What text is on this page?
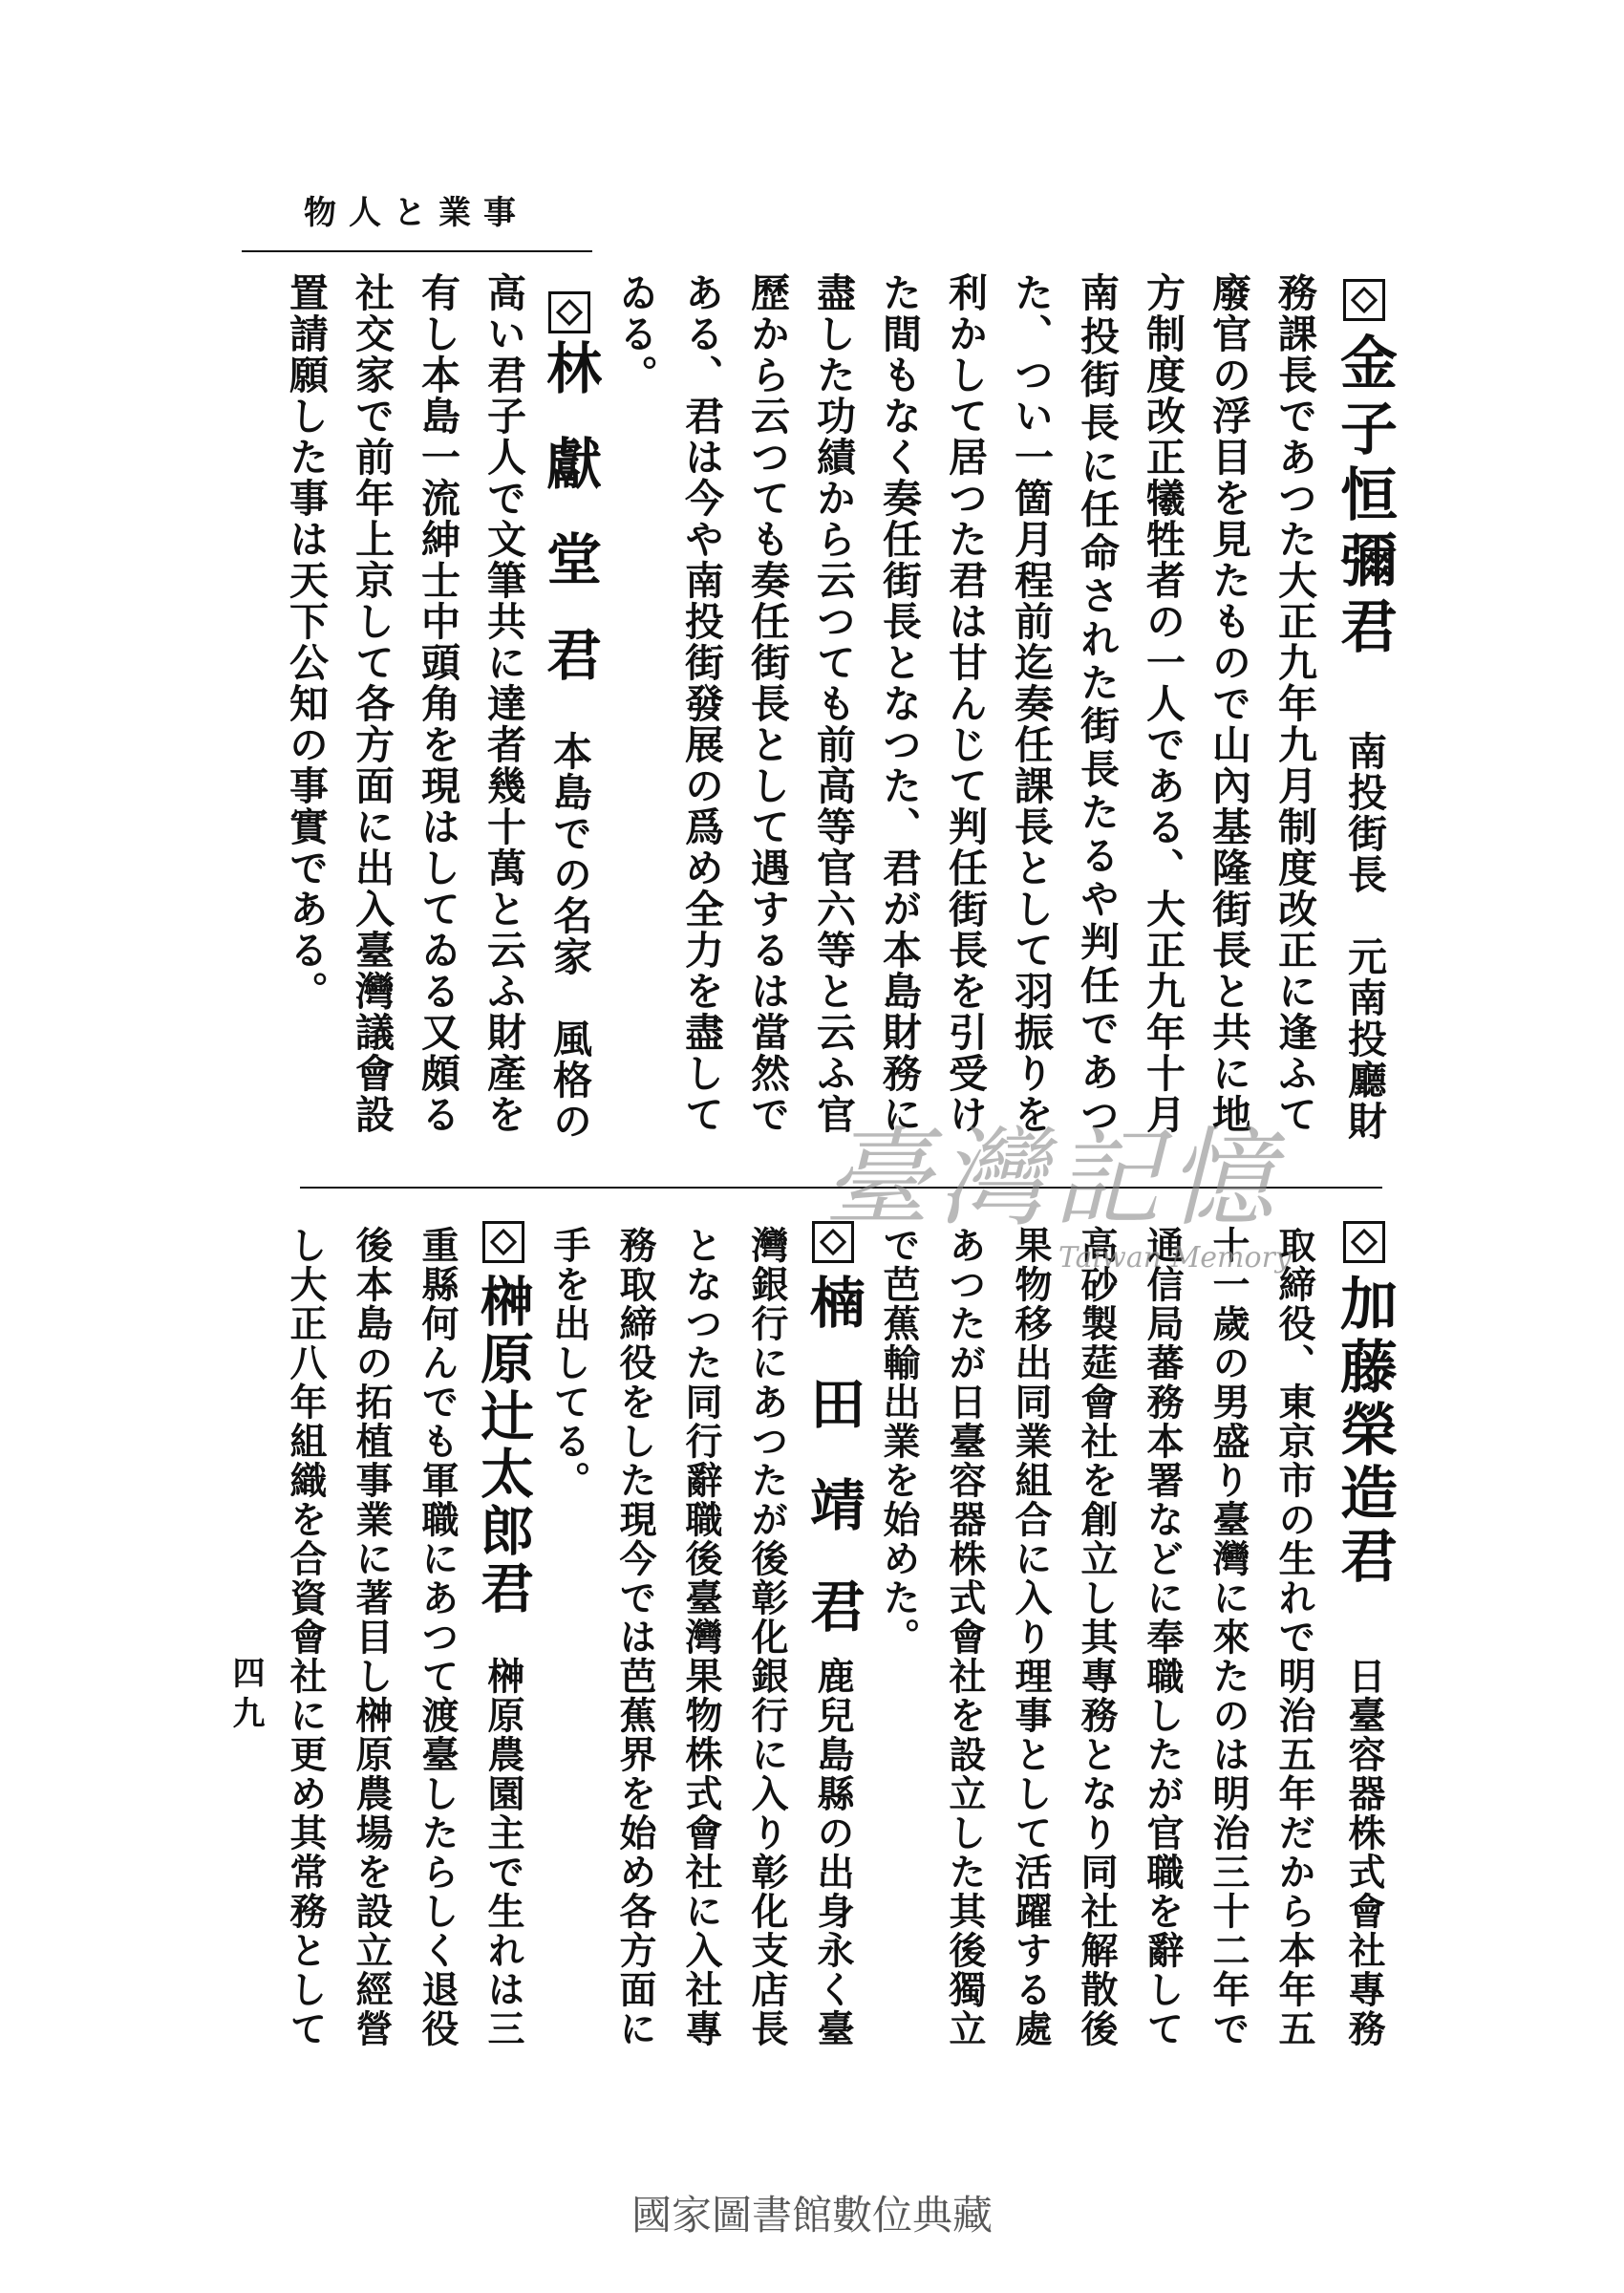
事業と人物
金子恒彌君
南投街長　元南投廳財
務課長であつた大正九年九月制度改正に逢ふて
廢官の浮目を見たもので山內基隆街長と共に地
方制度改正犧牲者の一人である、大正九年十月
南投街長に任命された街長たるや判任であつ
た、つい一箇月程前迄奏任課長として羽振りを
利かして居つた君は甘んじて判任街長を引受け
た間もなく奏任街長となつた、君が本島財務に
盡した功績から云つても前高等官六等と云ふ官
歷から云つても奏任街長として遇するは當然で
ある、君は今や南投街發展の爲め全力を盡して
ゐる。
林　獻　堂　君
本島での名家　風格の
高い君子人で文筆共に達者幾十萬と云ふ財產を
有し本島一流紳士中頭角を現はしてゐる又頗る
社交家で前年上京して各方面に出入臺灣議會設
置請願した事は天下公知の事實である。
加藤榮造君
日臺容器株式會社專務
取締役、東京市の生れで明治五年だから本年五
十一歲の男盛り臺灣に來たのは明治三十二年で
通信局蕃務本署などに奉職したが官職を辭して
高砂製莚會社を創立し其專務となり同社解散後
果物移出同業組合に入り理事として活躍する處
あつたが日臺容器株式會社を設立した其後獨立
で芭蕉輸出業を始めた。
楠　田　靖　君
鹿兒島縣の出身永く臺
灣銀行にあつたが後彰化銀行に入り彰化支店長
となつた同行辭職後臺灣果物株式會社に入社專
務取締役をした現今では芭蕉界を始め各方面に
手を出してる。
榊原辻太郎君
榊原農園主で生れは三
重縣何んでも軍職にあつて渡臺したらしく退役
後本島の拓植事業に著目し榊原農場を設立經營
し大正八年組織を合資會社に更め其常務として
四九
臺灣記憶
Taiwan Memory
國家圖書館數位典藏
